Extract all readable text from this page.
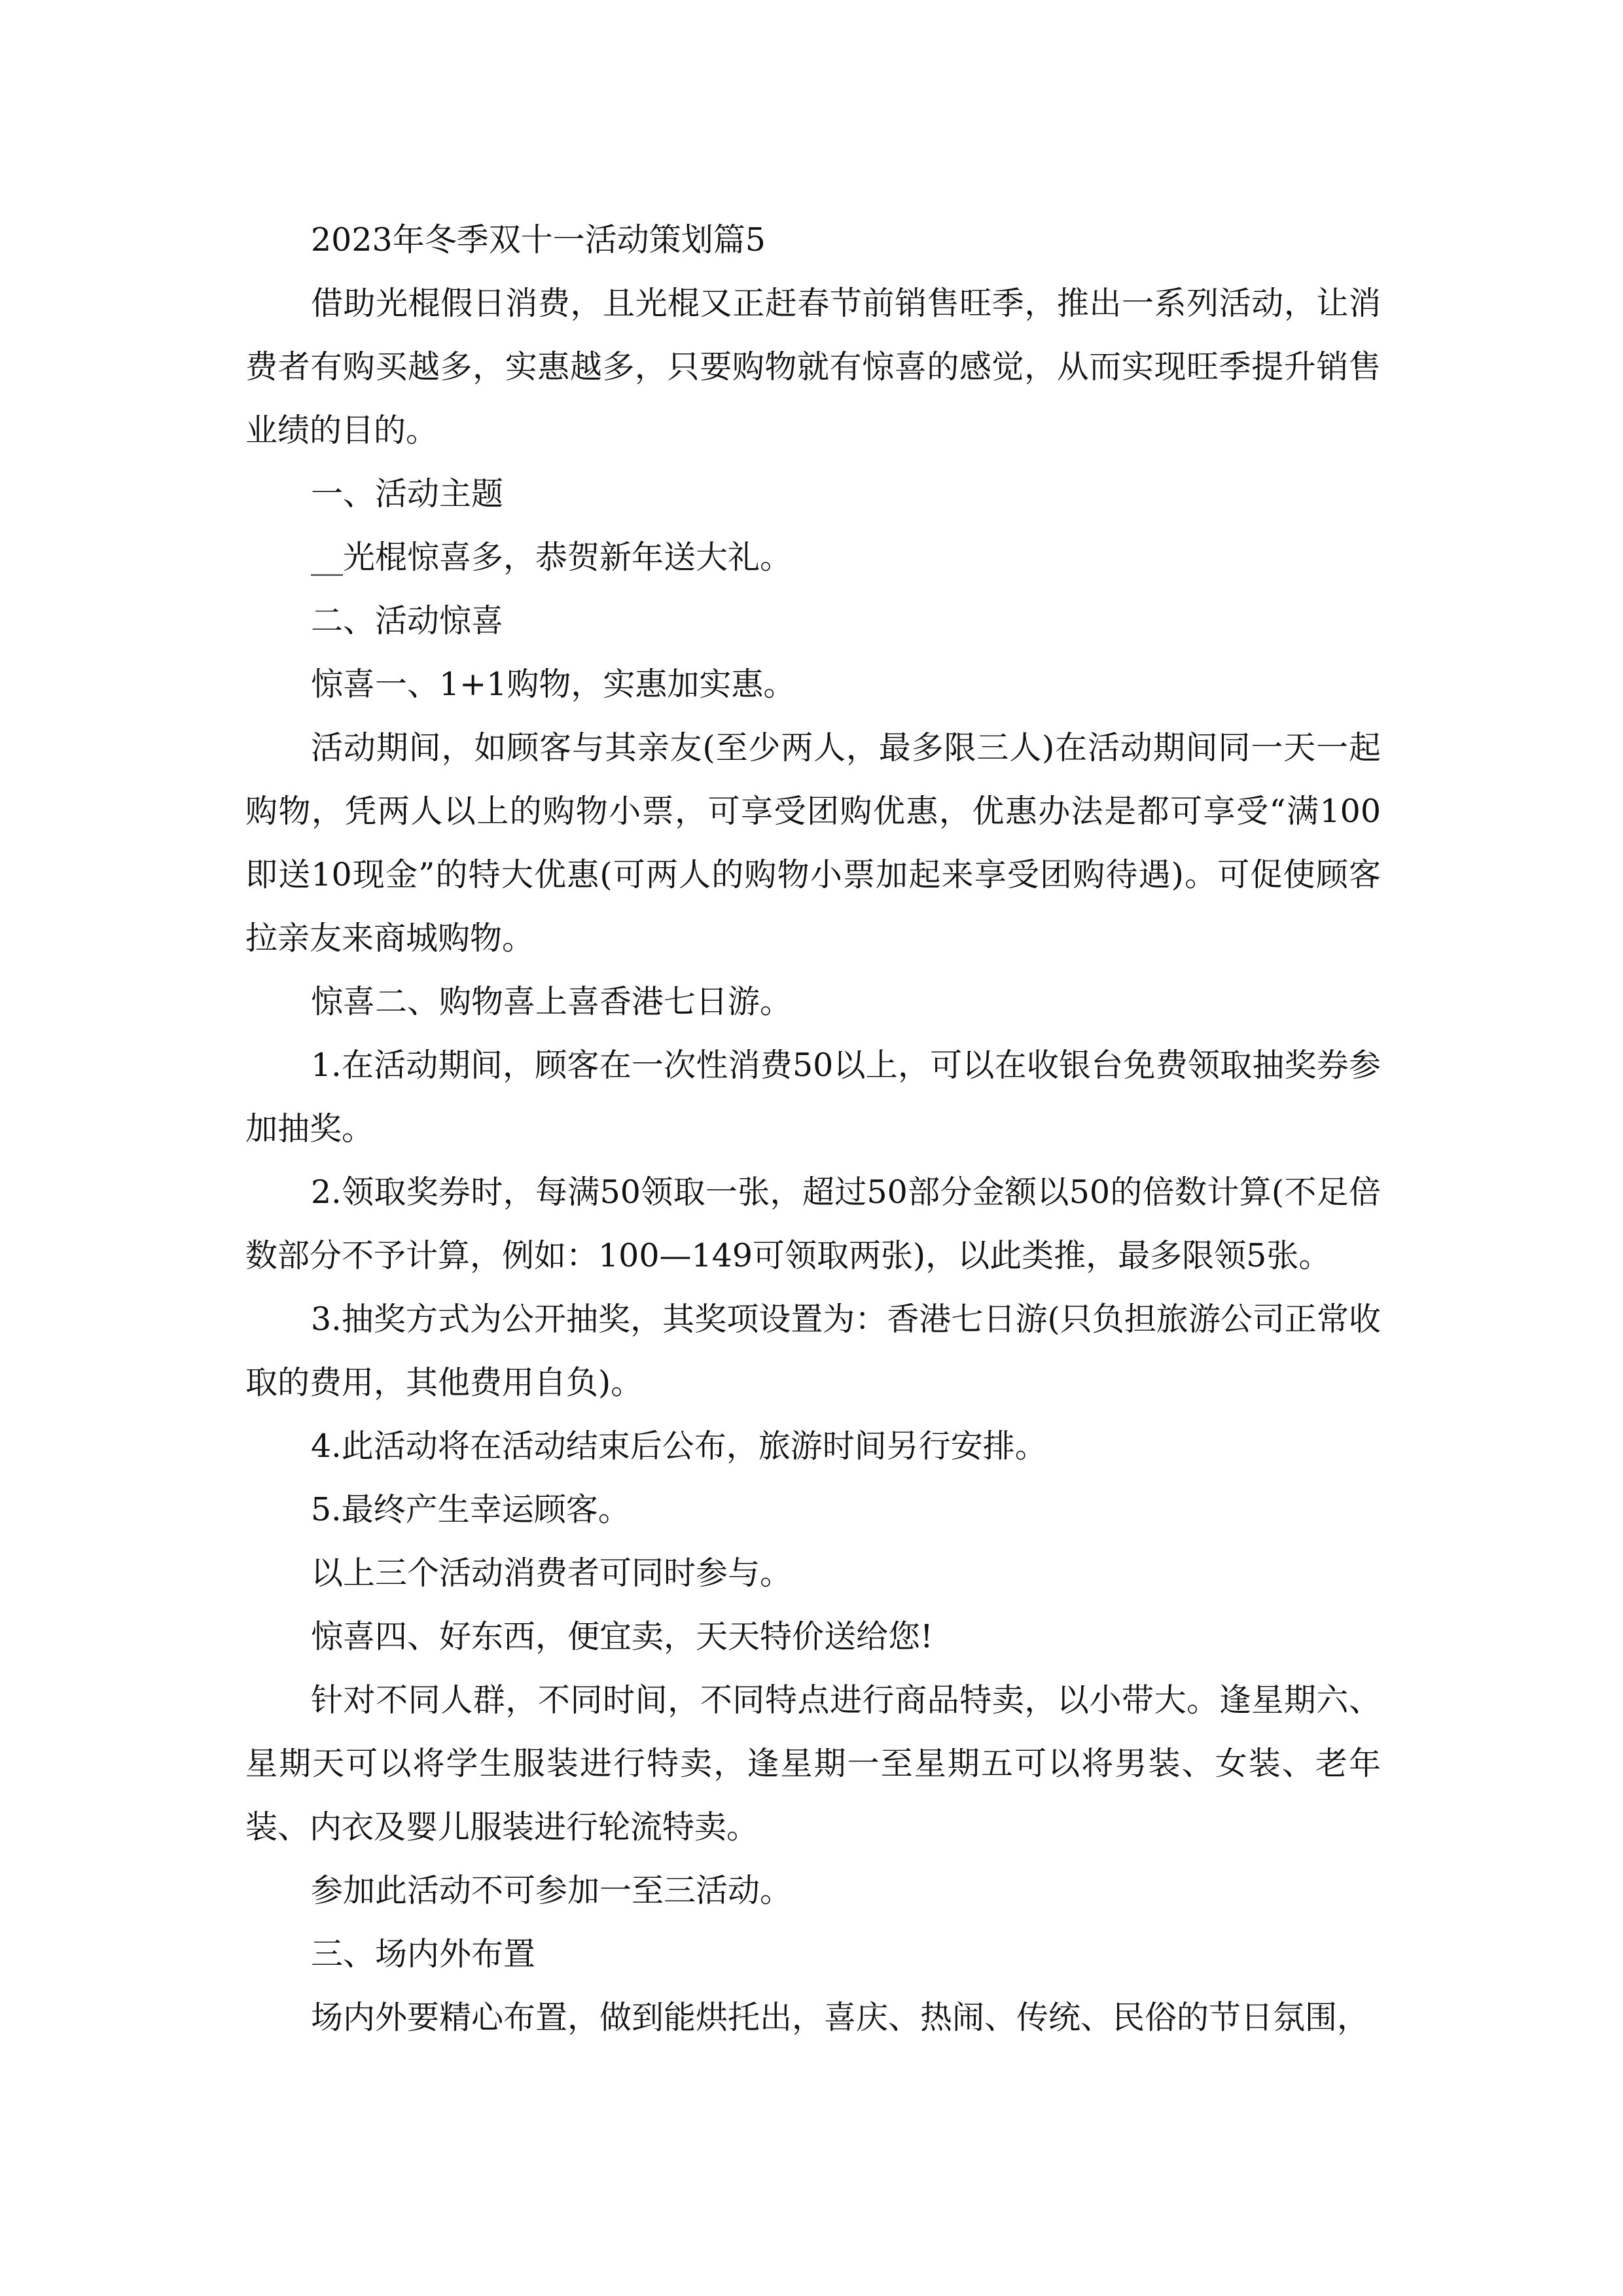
2023年冬季双十一活动策划篇5

借助光棍假日消费，且光棍又正赶春节前销售旺季，推出一系列活动，让消费者有购买越多，实惠越多，只要购物就有惊喜的感觉，从而实现旺季提升销售业绩的目的。

一、活动主题

__光棍惊喜多，恭贺新年送大礼。

二、活动惊喜

惊喜一、1+1购物，实惠加实惠。

活动期间，如顾客与其亲友(至少两人，最多限三人)在活动期间同一天一起购物，凭两人以上的购物小票，可享受团购优惠，优惠办法是都可享受“满100即送10现金”的特大优惠(可两人的购物小票加起来享受团购待遇)。可促使顾客拉亲友来商城购物。

惊喜二、购物喜上喜香港七日游。

1.在活动期间，顾客在一次性消费50以上，可以在收银台免费领取抽奖券参加抽奖。

2.领取奖券时，每满50领取一张，超过50部分金额以50的倍数计算(不足倍数部分不予计算，例如：100—149可领取两张)，以此类推，最多限领5张。

3.抽奖方式为公开抽奖，其奖项设置为：香港七日游(只负担旅游公司正常收取的费用，其他费用自负)。

4.此活动将在活动结束后公布，旅游时间另行安排。

5.最终产生幸运顾客。

以上三个活动消费者可同时参与。

惊喜四、好东西，便宜卖，天天特价送给您!

针对不同人群，不同时间，不同特点进行商品特卖，以小带大。逢星期六、星期天可以将学生服装进行特卖，逢星期一至星期五可以将男装、女装、老年装、内衣及婴儿服装进行轮流特卖。

参加此活动不可参加一至三活动。

三、场内外布置

场内外要精心布置，做到能烘托出，喜庆、热闹、传统、民俗的节日氛围，
